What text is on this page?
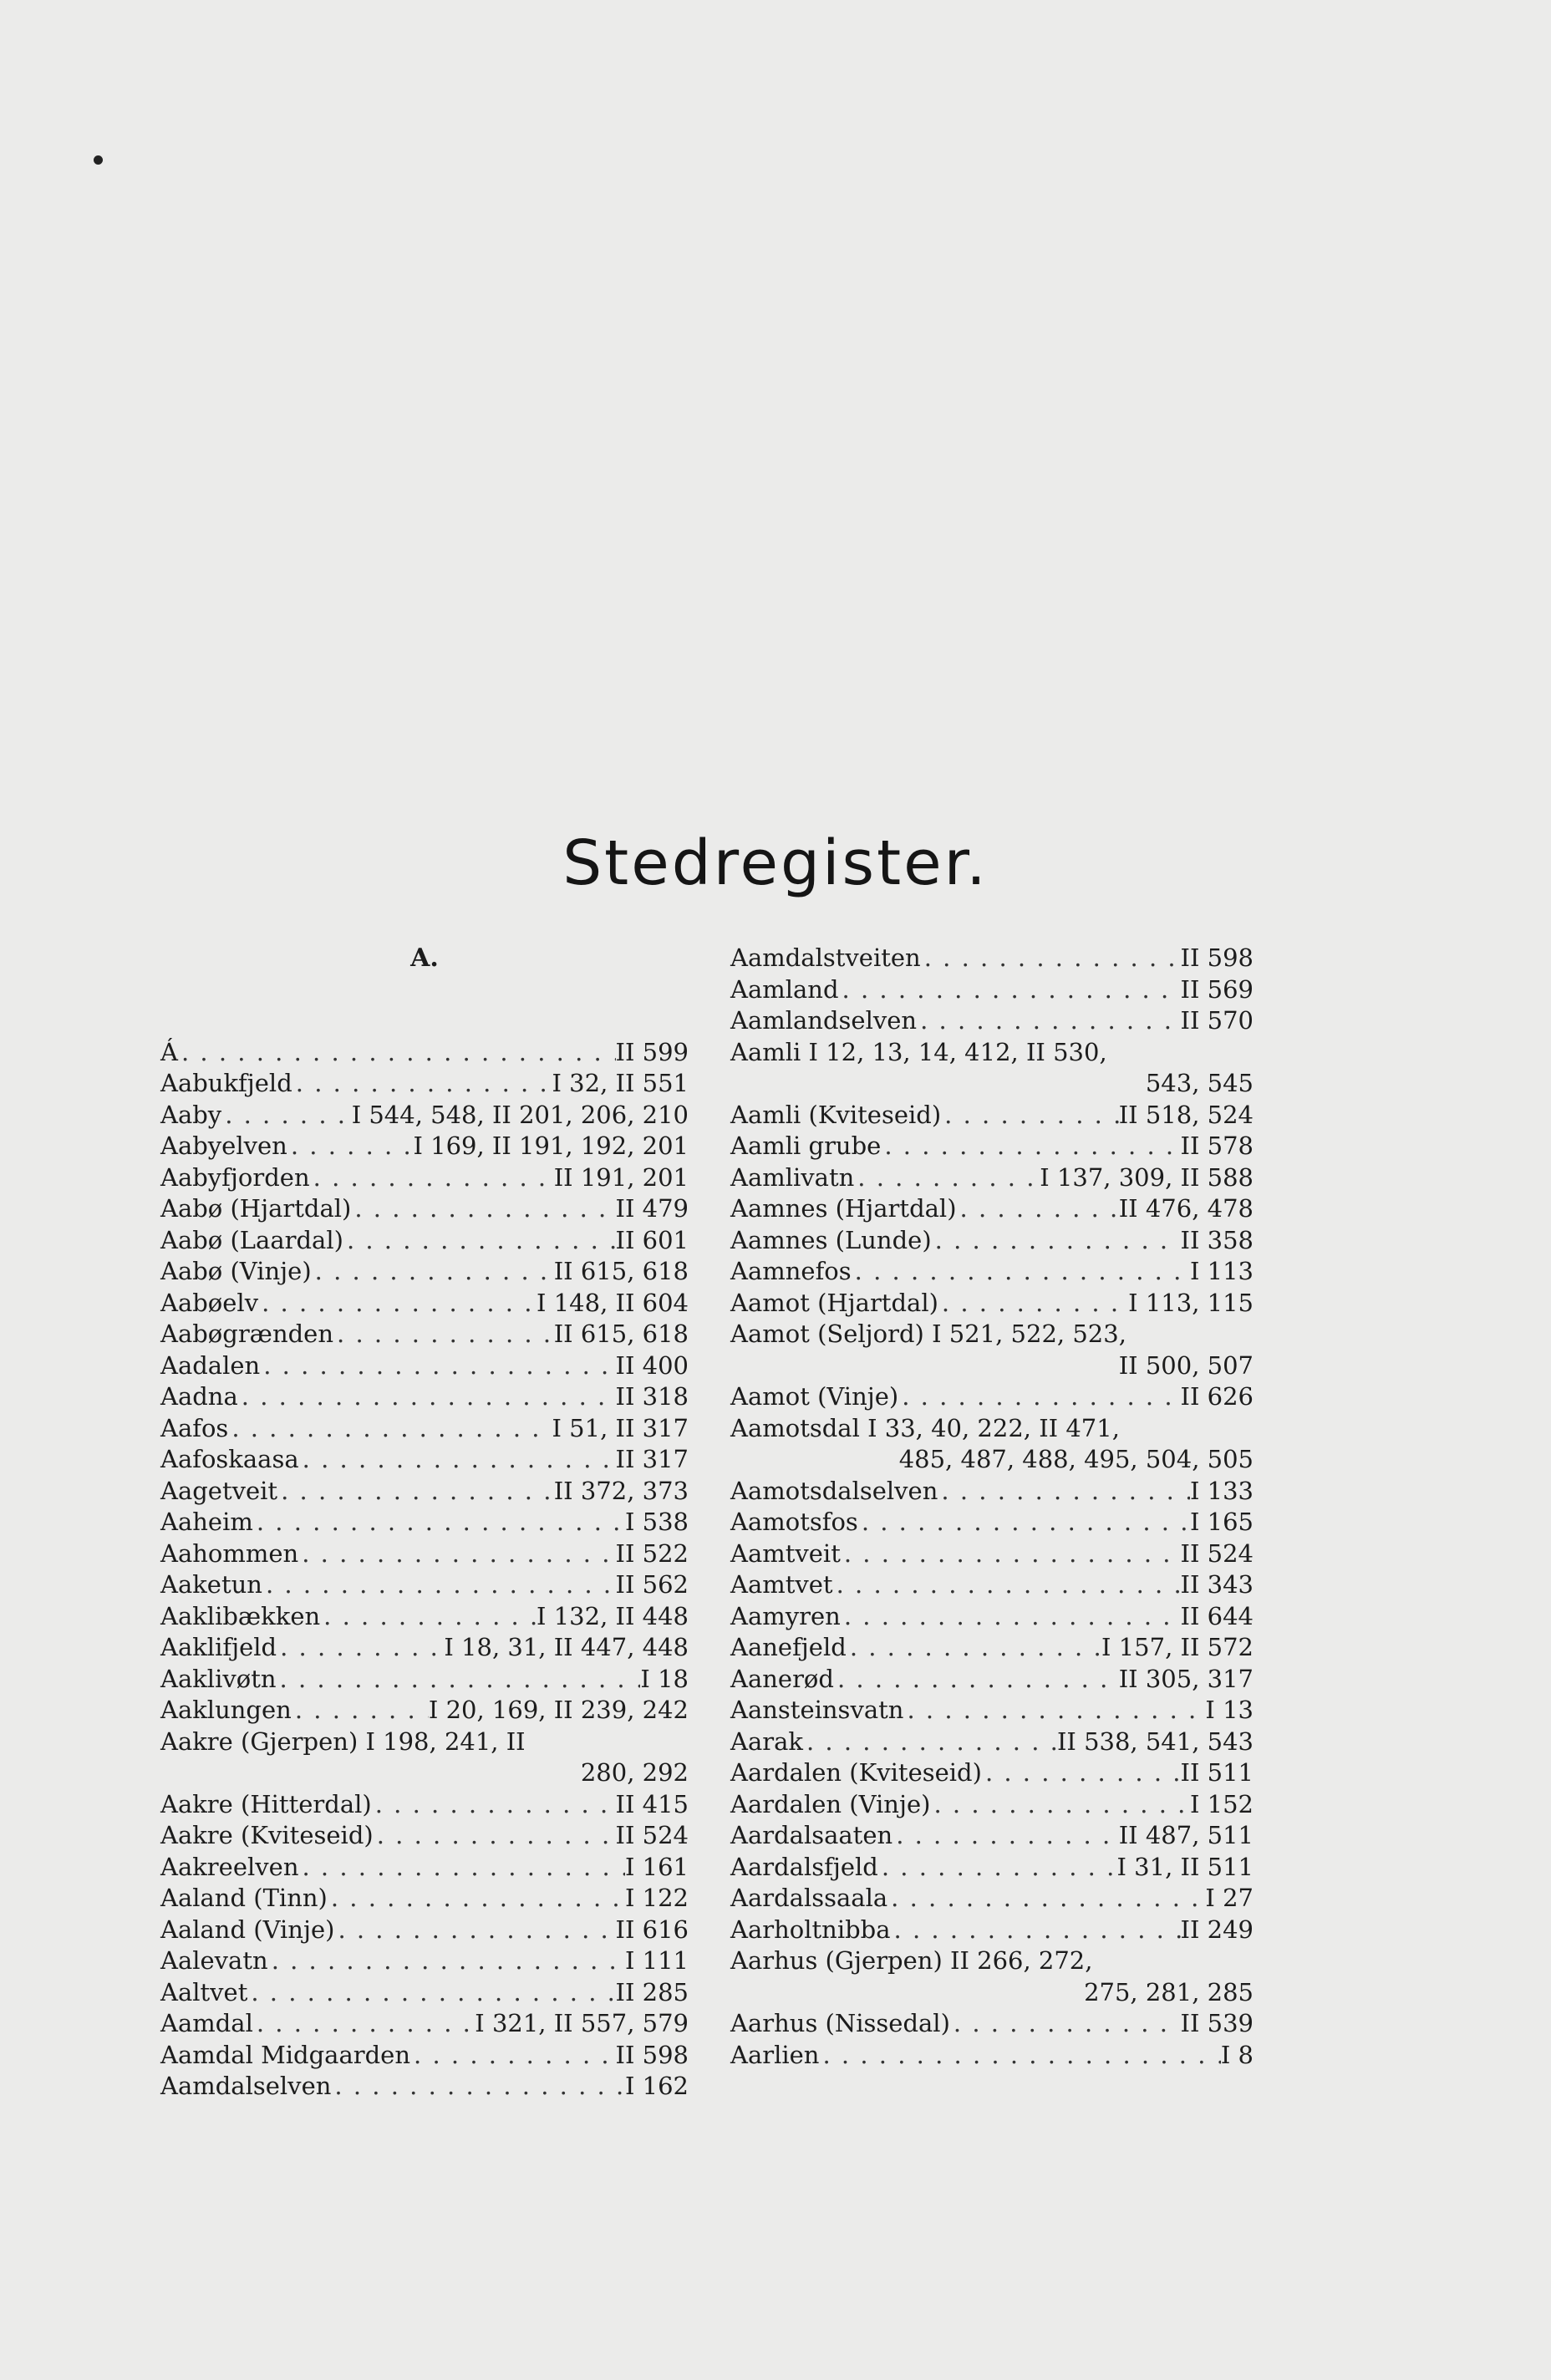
Stedregister.
A.
Á . . .	II 599
Aabukfjeld . . .	I 32, II 551
Aaby . . .	I 544, 548, II 201, 206, 210
Aabyelven . . .	I 169, II 191, 192, 201
Aabyfjorden . . .	II 191, 201
Aabø (Hjartdal) . . .	II 479
Aabø (Laardal) . . .	II 601
Aabø (Vinje) . . .	II 615, 618
Aabøelv . . .	I 148, II 604
Aabøgrænden . . .	II 615, 618
Aadalen . . .	II 400
Aadna . . .	II 318
Aafos . . .	I 51, II 317
Aafoskaasa . . .	II 317
Aagetveit . . .	II 372, 373
Aaheim . . .	I 538
Aahommen . . .	II 522
Aaketun . . .	II 562
Aaklibækken . . .	I 132, II 448
Aaklifjeld . . .	I 18, 31, II 447, 448
Aaklivøtn . . .	I 18
Aaklungen . . .	I 20, 169, II 239, 242
Aakre (Gjerpen) I 198, 241, II
280, 292
Aakre (Hitterdal) . . .	II 415
Aakre (Kviteseid) . . .	II 524
Aakreelven . . .	I 161
Aaland (Tinn) . . .	I 122
Aaland (Vinje) . . .	II 616
Aalevatn . . .	I 111
Aaltvet . . .	II 285
Aamdal . . .	I 321, II 557, 579
Aamdal Midgaarden . . .	II 598
Aamdalselven . . .	I 162
Aamdalstveiten . . .	II 598
Aamland . . .	II 569
Aamlandselven . . .	II 570
Aamli I 12, 13, 14, 412, II 530,
543, 545
Aamli (Kviteseid) . . .	II 518, 524
Aamli grube . . .	II 578
Aamlivatn . . .	I 137, 309, II 588
Aamnes (Hjartdal) . . .	II 476, 478
Aamnes (Lunde) . . .	II 358
Aamnefos . . .	I 113
Aamot (Hjartdal) . . .	I 113, 115
Aamot (Seljord) I 521, 522, 523,
II 500, 507
Aamot (Vinje) . . .	II 626
Aamotsdal I 33, 40, 222, II 471,
485, 487, 488, 495, 504, 505
Aamotsdalselven . . .	I 133
Aamotsfos . . .	I 165
Aamtveit . . .	II 524
Aamtvet . . .	II 343
Aamyren . . .	II 644
Aanefjeld . . .	I 157, II 572
Aanerød . . .	II 305, 317
Aansteinsvatn . . .	I 13
Aarak . . .	II 538, 541, 543
Aardalen (Kviteseid) . . .	II 511
Aardalen (Vinje) . . .	I 152
Aardalsaaten . . .	II 487, 511
Aardalsfjeld . . .	I 31, II 511
Aardalssaala . . .	I 27
Aarholtnibba . . .	II 249
Aarhus (Gjerpen) II 266, 272,
275, 281, 285
Aarhus (Nissedal) . . .	II 539
Aarlien . . .	I 8
